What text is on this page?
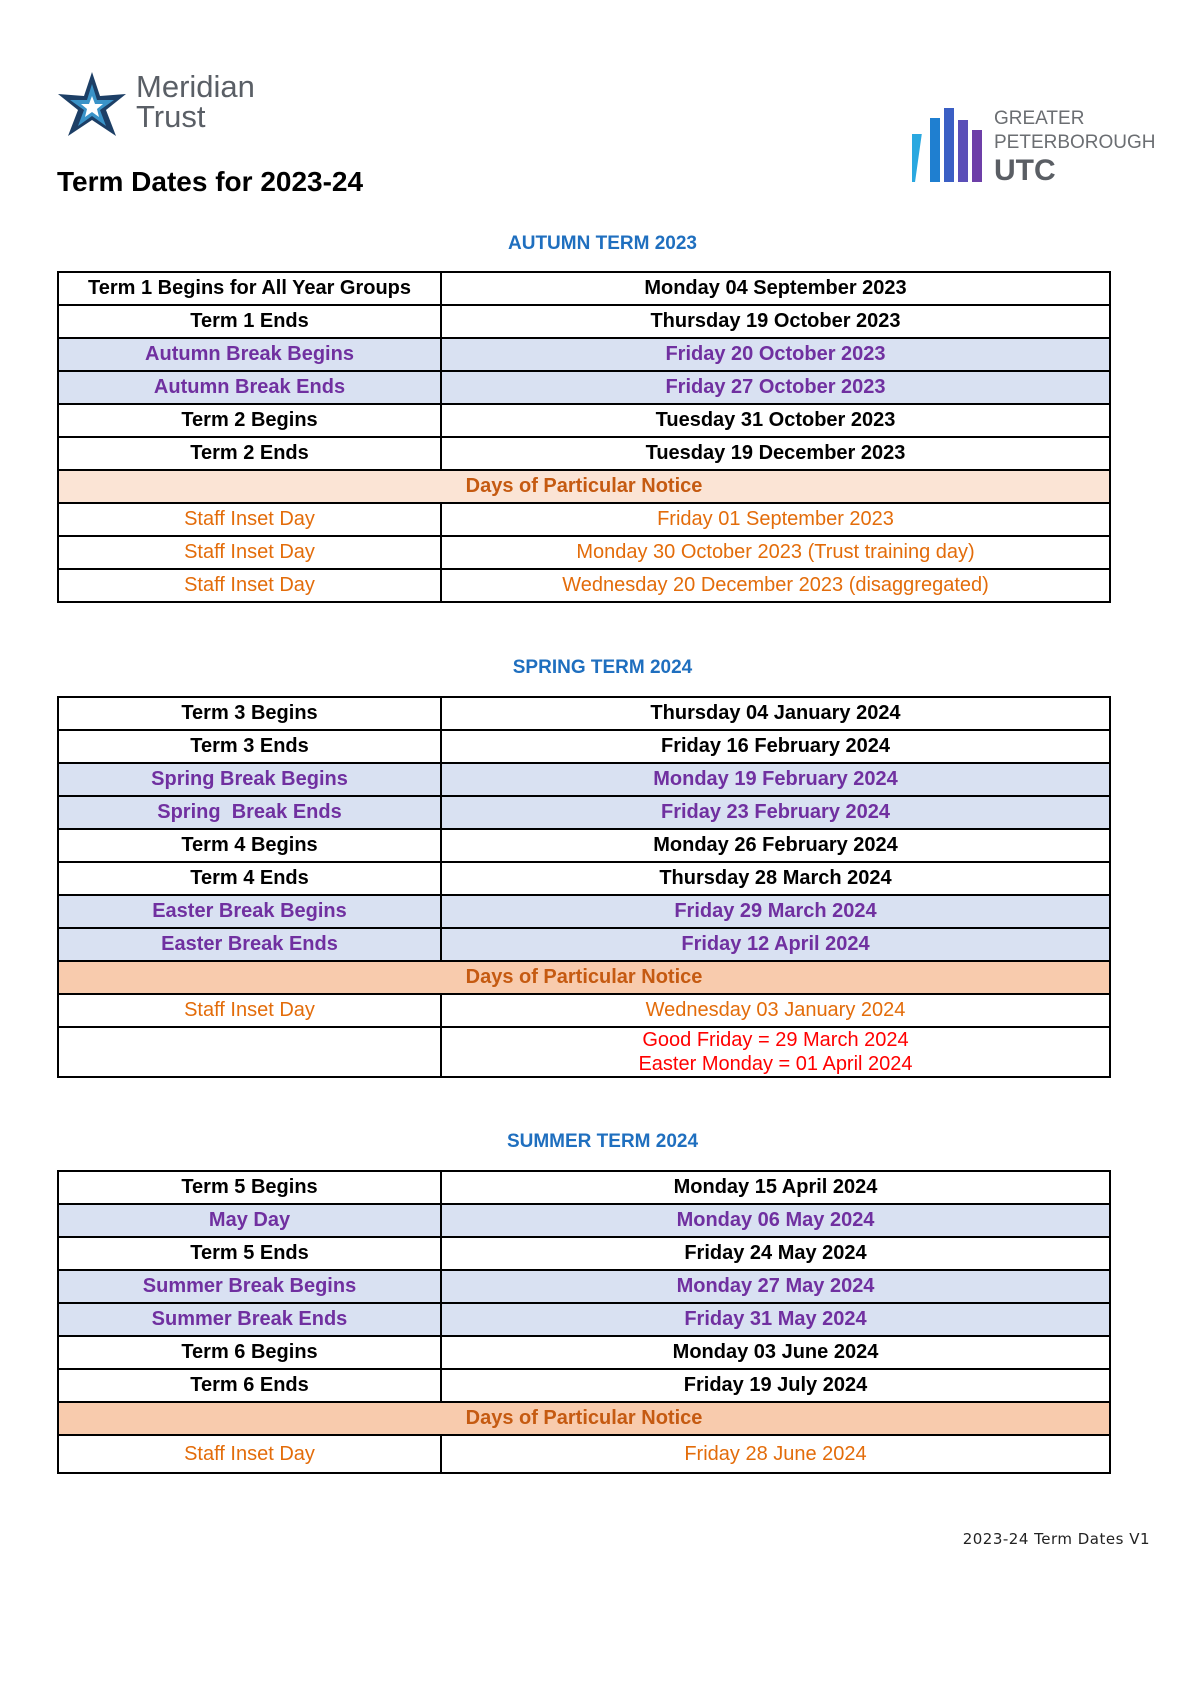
Meridian
Trust	GREATER
PETERBOROUGH
UTC
Term Dates for 2023-24
AUTUMN TERM 2023
Term 1 Begins for All Year Groups	Monday 04 September 2023
Term 1 Ends	Thursday 19 October 2023
Autumn Break Begins	Friday 20 October 2023
Autumn Break Ends	Friday 27 October 2023
Term 2 Begins	Tuesday 31 October 2023
Term 2 Ends	Tuesday 19 December 2023
Days of Particular Notice	
Staff Inset Day	Friday 01 September 2023
Staff Inset Day	Monday 30 October 2023 (Trust training day)
Staff Inset Day	Wednesday 20 December 2023 (disaggregated)
SPRING TERM 2024
Term 3 Begins	Thursday 04 January 2024
Term 3 Ends	Friday 16 February 2024
Spring Break Begins	Monday 19 February 2024
Spring  Break Ends	Friday 23 February 2024
Term 4 Begins	Monday 26 February 2024
Term 4 Ends	Thursday 28 March 2024
Easter Break Begins	Friday 29 March 2024
Easter Break Ends	Friday 12 April 2024
Days of Particular Notice	
Staff Inset Day	Wednesday 03 January 2024

	Good Friday = 29 March 2024
Easter Monday = 01 April 2024
SUMMER TERM 2024
Term 5 Begins	Monday 15 April 2024
May Day	Monday 06 May 2024
Term 5 Ends	Friday 24 May 2024
Summer Break Begins	Monday 27 May 2024
Summer Break Ends	Friday 31 May 2024
Term 6 Begins	Monday 03 June 2024
Term 6 Ends	Friday 19 July 2024
Days of Particular Notice	
Staff Inset Day	Friday 28 June 2024
2023-24 Term Dates V1
